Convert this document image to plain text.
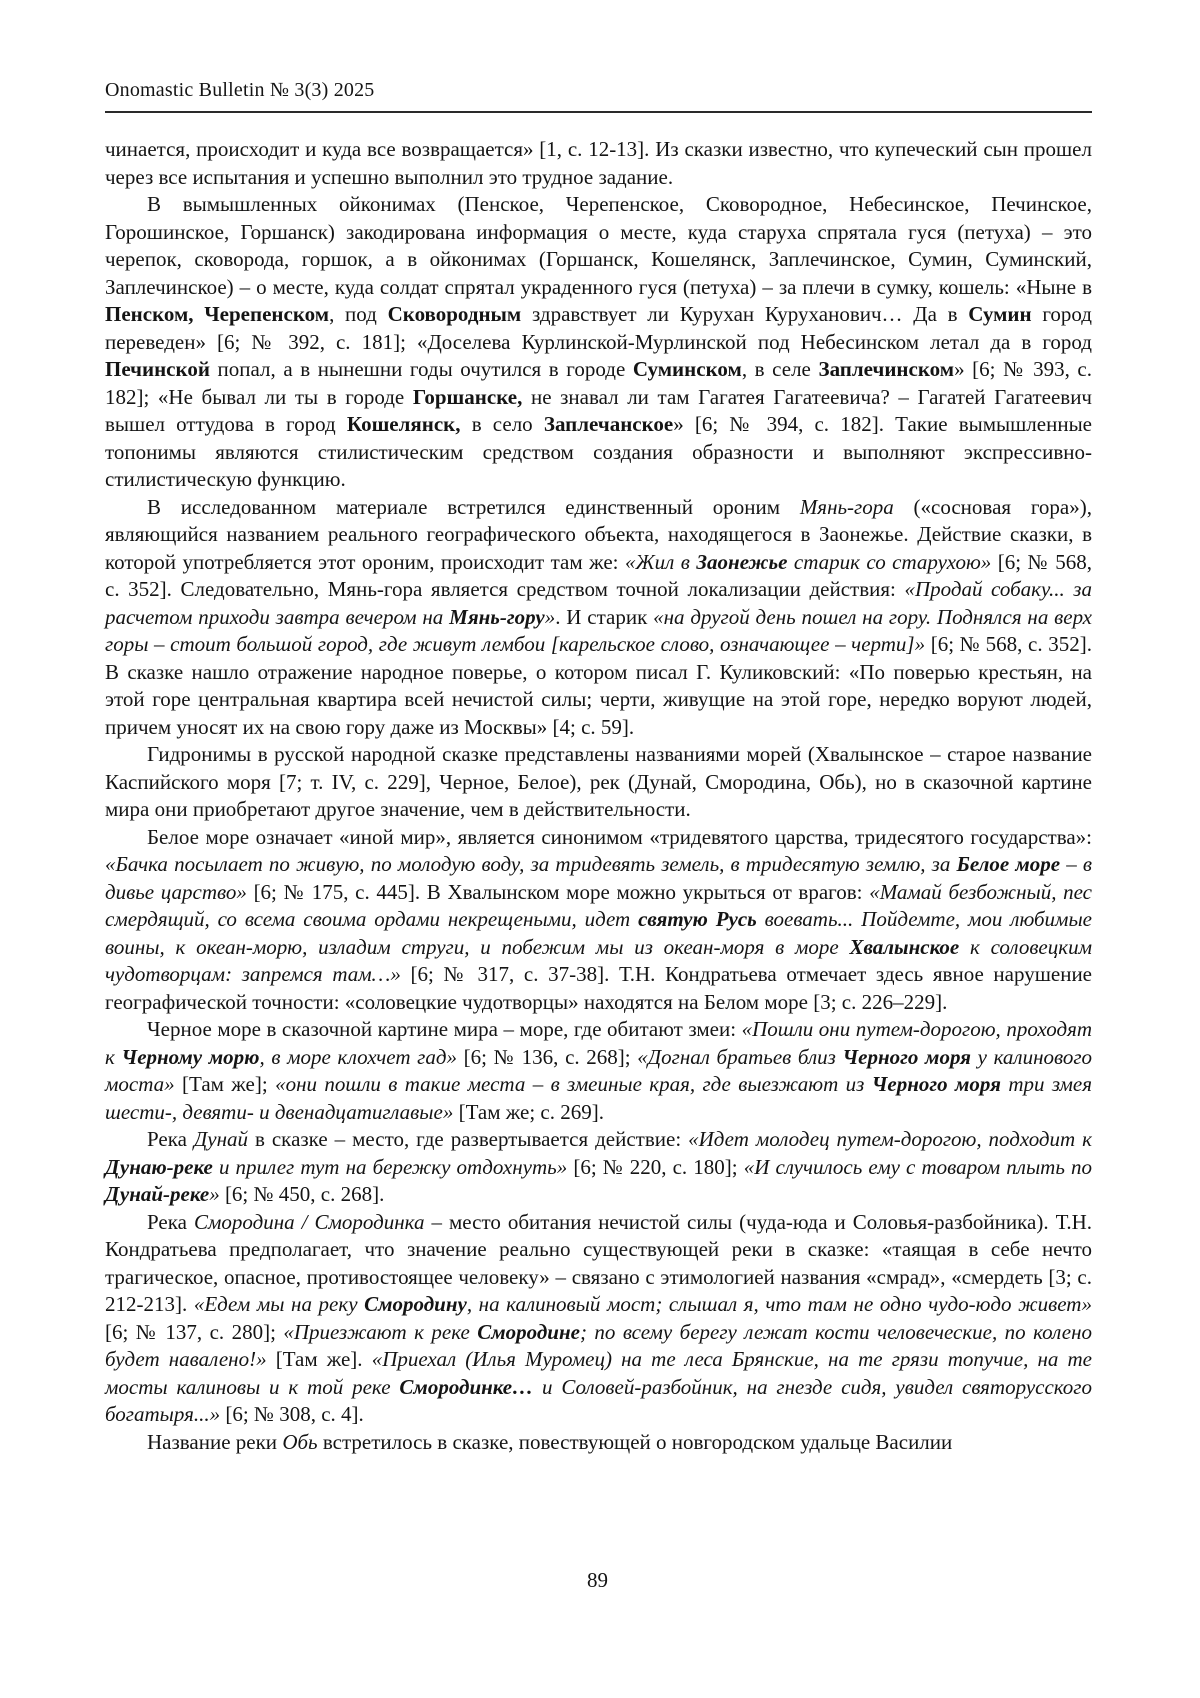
Onomastic Bulletin № 3(3) 2025

чинается, происходит и куда все возвращается» [1, с. 12-13]. Из сказки известно, что купеческий сын прошел через все испытания и успешно выполнил это трудное задание.

В вымышленных ойконимах (Пенское, Черепенское, Сковородное, Небесинское, Печинское, Горошинское, Горшанск) закодирована информация о месте, куда старуха спрятала гуся (петуха) – это черепок, сковорода, горшок, а в ойконимах (Горшанск, Кошелянск, Заплечинское, Сумин, Суминский, Заплечинское) – о месте, куда солдат спрятал украденного гуся (петуха) – за плечи в сумку, кошель: «Ныне в Пенском, Черепенском, под Сковородным здравствует ли Курухан Куруханович… Да в Сумин город переведен» [6; № 392, с. 181]; «Доселева Курлинской-Мурлинской под Небесинском летал да в город Печинской попал, а в нынешни годы очутился в городе Суминском, в селе Заплечинском» [6; № 393, с. 182]; «Не бывал ли ты в городе Горшанске, не знавал ли там Гагатея Гагатеевича? – Гагатей Гагатеевич вышел оттудова в город Кошелянск, в село Заплечанское» [6; № 394, с. 182]. Такие вымышленные топонимы являются стилистическим средством создания образности и выполняют экспрессивно-стилистическую функцию.

В исследованном материале встретился единственный ороним Мянь-гора («сосновая гора»), являющийся названием реального географического объекта, находящегося в Заонежье. Действие сказки, в которой употребляется этот ороним, происходит там же: «Жил в Заонежье старик со старухою» [6; № 568, с. 352]. Следовательно, Мянь-гора является средством точной локализации действия: «Продай собаку... за расчетом приходи завтра вечером на Мянь-гору». И старик «на другой день пошел на гору. Поднялся на верх горы – стоит большой город, где живут лембои [карельское слово, означающее – черти]» [6; № 568, с. 352]. В сказке нашло отражение народное поверье, о котором писал Г. Куликовский: «По поверью крестьян, на этой горе центральная квартира всей нечистой силы; черти, живущие на этой горе, нередко воруют людей, причем уносят их на свою гору даже из Москвы» [4; с. 59].

Гидронимы в русской народной сказке представлены названиями морей (Хвалынское – старое название Каспийского моря [7; т. IV, с. 229], Черное, Белое), рек (Дунай, Смородина, Обь), но в сказочной картине мира они приобретают другое значение, чем в действительности.

Белое море означает «иной мир», является синонимом «тридевятого царства, тридесятого государства»: «Бачка посылает по живую, по молодую воду, за тридевять земель, в тридесятую землю, за Белое море – в дивье царство» [6; № 175, с. 445]. В Хвалынском море можно укрыться от врагов: «Мамай безбожный, пес смердящий, со всема своима ордами некрещеными, идет святую Русь воевать... Пойдемте, мои любимые воины, к океан-морю, изладим струги, и побежим мы из океан-моря в море Хвалынское к соловецким чудотворцам: запремся там…» [6; № 317, с. 37-38]. Т.Н. Кондратьева отмечает здесь явное нарушение географической точности: «соловецкие чудотворцы» находятся на Белом море [3; с. 226–229].

Черное море в сказочной картине мира – море, где обитают змеи: «Пошли они путем-дорогою, проходят к Черному морю, в море клохчет гад» [6; № 136, с. 268]; «Догнал братьев близ Черного моря у калинового моста» [Там же]; «они пошли в такие места – в змеиные края, где выезжают из Черного моря три змея шести-, девяти- и двенадцатиглавые» [Там же; с. 269].

Река Дунай в сказке – место, где развертывается действие: «Идет молодец путем-дорогою, подходит к Дунаю-реке и прилег тут на бережку отдохнуть» [6; № 220, с. 180]; «И случилось ему с товаром плыть по Дунай-реке» [6; № 450, с. 268].

Река Смородина / Смородинка – место обитания нечистой силы (чуда-юда и Соловья-разбойника). Т.Н. Кондратьева предполагает, что значение реально существующей реки в сказке: «таящая в себе нечто трагическое, опасное, противостоящее человеку» – связано с этимологией названия «смрад», «смердеть [3; с. 212-213]. «Едем мы на реку Смородину, на калиновый мост; слышал я, что там не одно чудо-юдо живет» [6; № 137, с. 280]; «Приезжают к реке Смородине; по всему берегу лежат кости человеческие, по колено будет навалено!» [Там же]. «Приехал (Илья Муромец) на те леса Брянские, на те грязи топучие, на те мосты калиновы и к той реке Смородинке… и Соловей-разбойник, на гнезде сидя, увидел святорусского богатыря...» [6; № 308, с. 4].

Название реки Обь встретилось в сказке, повествующей о новгородском удальце Василии

89
